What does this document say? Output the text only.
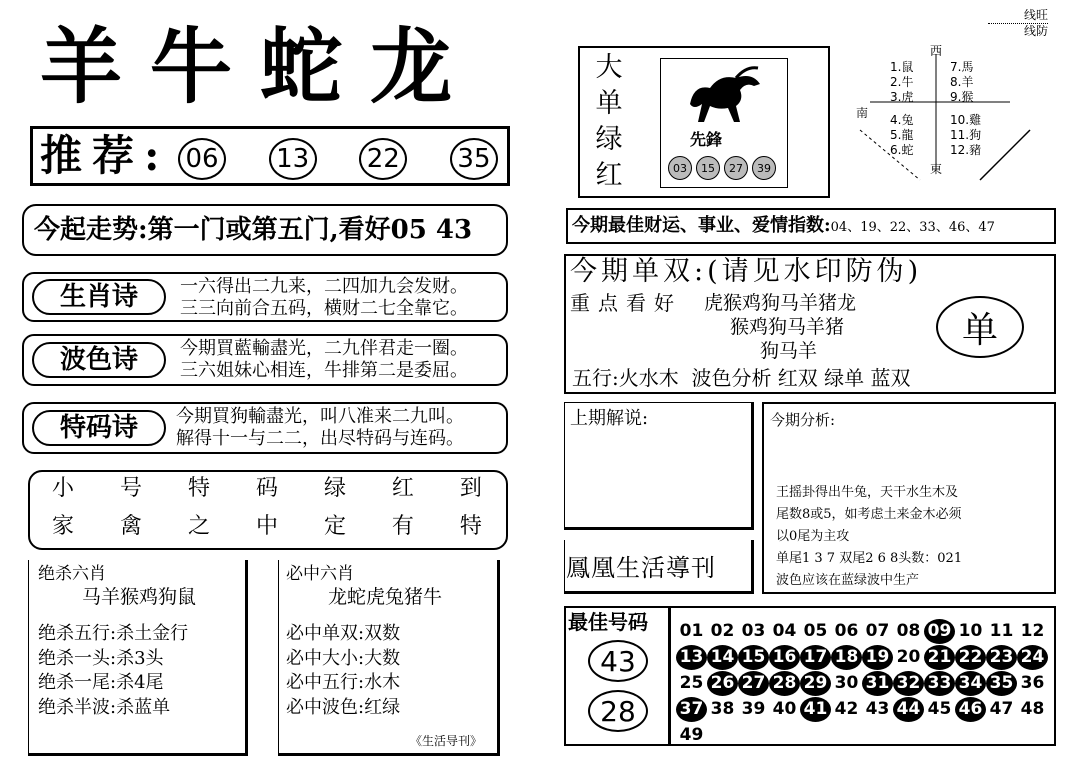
线旺
线防
羊牛蛇龙
推荐: 06 13 22 35
今起走势:第一门或第五门,看好05 43
生肖诗	一六得出二九来，二四加九会发财。
三三向前合五码，横财二七全靠它。
波色诗	今期買藍輸盡光，二九伴君走一圈。
三六姐妹心相连，牛排第二是委屈。
特码诗	今期買狗輸盡光，叫八准来二九叫。
解得十一与二二，出尽特码与连码。
小 号 特 码 绿 红 到
家 禽 之 中 定 有 特
绝杀六肖
马羊猴鸡狗鼠
绝杀五行:杀土金行
绝杀一头:杀3头
绝杀一尾:杀4尾
绝杀半波:杀蓝单
必中六肖
龙蛇虎兔猪牛
必中单双:双数
必中大小:大数
必中五行:水木
必中波色:红绿
《生活导刊》
大
单
绿
红
先鋒
03	15	27	39
西
南
東
1.鼠
2.牛
3.虎
4.兔
5.龍
6.蛇
7.馬
8.羊
9.猴
10.雞
11.狗
12.豬
今期最佳财运、事业、爱情指数:04、19、22、33、46、47
今期单双:(请见水印防伪)
重点看好 虎猴鸡狗马羊猪龙
猴鸡狗马羊猪
狗马羊
单
五行:火水木  波色分析 红双 绿单 蓝双
上期解说:	今期分析:
王摇卦得出牛兔，天干水生木及
尾数8或5，如考虑土来金木必须
以0尾为主攻
单尾1 3 7 双尾2 6 8头数：021
波色应该在蓝绿波中生产
鳳凰生活導刊
最佳号码
43
28
01 02 03 04 05 06 07 08 09 10 11 12
13 14 15 16 17 18 19 20 21 22 23 24
25 26 27 28 29 30 31 32 33 34 35 36
37 38 39 40 41 42 43 44 45 46 47 48
49
